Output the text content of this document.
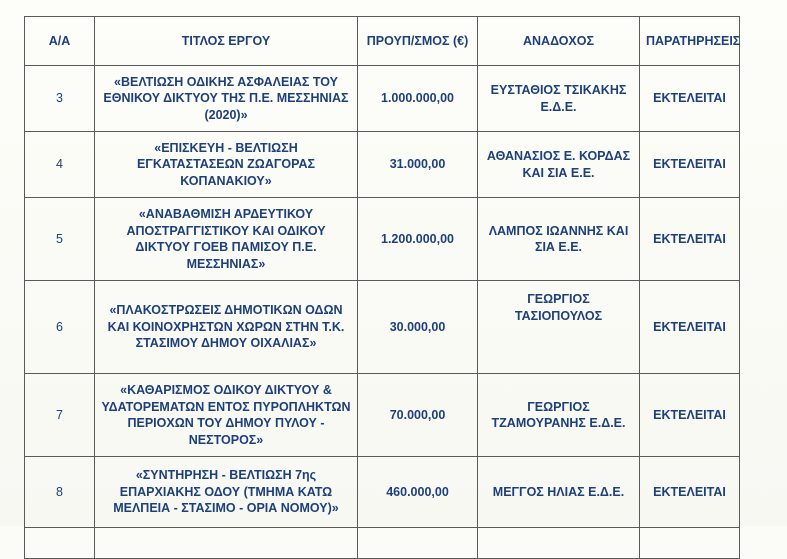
Α/Α	ΤΙΤΛΟΣ ΕΡΓΟΥ	ΠΡΟΥΠ/ΣΜΟΣ (€)	ΑΝΑΔΟΧΟΣ	ΠΑΡΑΤΗΡΗΣΕΙΣ
3	«ΒΕΛΤΙΩΣΗ ΟΔΙΚΗΣ ΑΣΦΑΛΕΙΑΣ ΤΟΥ ΕΘΝΙΚΟΥ ΔΙΚΤΥΟΥ ΤΗΣ Π.Ε. ΜΕΣΣΗΝΙΑΣ (2020)»	1.000.000,00	ΕΥΣΤΑΘΙΟΣ ΤΣΙΚΑΚΗΣ Ε.Δ.Ε.	ΕΚΤΕΛΕΙΤΑΙ
4	«ΕΠΙΣΚΕΥΗ - ΒΕΛΤΙΩΣΗ ΕΓΚΑΤΑΣΤΑΣΕΩΝ ΖΩΑΓΟΡΑΣ ΚΟΠΑΝΑΚΙΟΥ»	31.000,00	ΑΘΑΝΑΣΙΟΣ Ε. ΚΟΡΔΑΣ ΚΑΙ ΣΙΑ Ε.Ε.	ΕΚΤΕΛΕΙΤΑΙ
5	«ΑΝΑΒΑΘΜΙΣΗ ΑΡΔΕΥΤΙΚΟΥ ΑΠΟΣΤΡΑΓΓΙΣΤΙΚΟΥ ΚΑΙ ΟΔΙΚΟΥ ΔΙΚΤΥΟΥ ΓΟΕΒ ΠΑΜΙΣΟΥ Π.Ε. ΜΕΣΣΗΝΙΑΣ»	1.200.000,00	ΛΑΜΠΟΣ ΙΩΑΝΝΗΣ ΚΑΙ ΣΙΑ Ε.Ε.	ΕΚΤΕΛΕΙΤΑΙ
6	«ΠΛΑΚΟΣΤΡΩΣΕΙΣ ΔΗΜΟΤΙΚΩΝ ΟΔΩΝ ΚΑΙ ΚΟΙΝΟΧΡΗΣΤΩΝ ΧΩΡΩΝ ΣΤΗΝ Τ.Κ. ΣΤΑΣΙΜΟΥ ΔΗΜΟΥ ΟΙΧΑΛΙΑΣ»	30.000,00	ΓΕΩΡΓΙΟΣ ΤΑΣΙΟΠΟΥΛΟΣ	ΕΚΤΕΛΕΙΤΑΙ
7	«ΚΑΘΑΡΙΣΜΟΣ ΟΔΙΚΟΥ ΔΙΚΤΥΟΥ & ΥΔΑΤΟΡΕΜΑΤΩΝ ΕΝΤΟΣ ΠΥΡΟΠΛΗΚΤΩΝ ΠΕΡΙΟΧΩΝ ΤΟΥ ΔΗΜΟΥ ΠΥΛΟΥ - ΝΕΣΤΟΡΟΣ»	70.000,00	ΓΕΩΡΓΙΟΣ ΤΖΑΜΟΥΡΑΝΗΣ Ε.Δ.Ε.	ΕΚΤΕΛΕΙΤΑΙ
8	«ΣΥΝΤΗΡΗΣΗ - ΒΕΛΤΙΩΣΗ 7ης ΕΠΑΡΧΙΑΚΗΣ ΟΔΟΥ (ΤΜΗΜΑ ΚΑΤΩ ΜΕΛΠΕΙΑ - ΣΤΑΣΙΜΟ - ΟΡΙΑ ΝΟΜΟΥ)»	460.000,00	ΜΕΓΓΟΣ ΗΛΙΑΣ Ε.Δ.Ε.	ΕΚΤΕΛΕΙΤΑΙ
